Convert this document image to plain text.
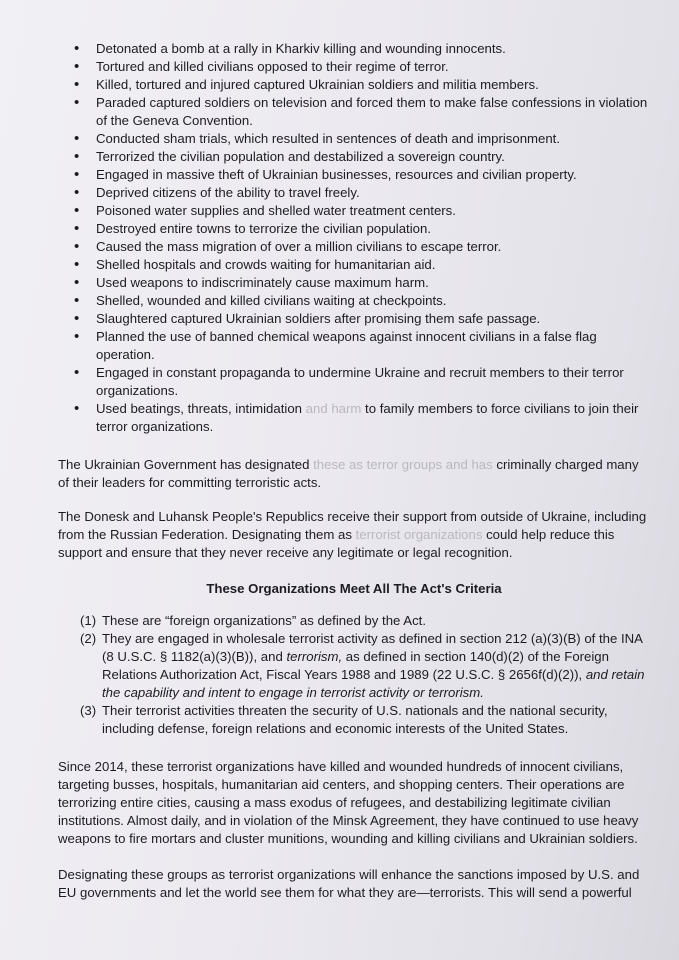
• Detonated a bomb at a rally in Kharkiv killing and wounding innocents.
• Tortured and killed civilians opposed to their regime of terror.
• Killed, tortured and injured captured Ukrainian soldiers and militia members.
• Paraded captured soldiers on television and forced them to make false confessions in violation of the Geneva Convention.
• Conducted sham trials, which resulted in sentences of death and imprisonment.
• Terrorized the civilian population and destabilized a sovereign country.
• Engaged in massive theft of Ukrainian businesses, resources and civilian property.
• Deprived citizens of the ability to travel freely.
• Poisoned water supplies and shelled water treatment centers.
• Destroyed entire towns to terrorize the civilian population.
• Caused the mass migration of over a million civilians to escape terror.
• Shelled hospitals and crowds waiting for humanitarian aid.
• Used weapons to indiscriminately cause maximum harm.
• Shelled, wounded and killed civilians waiting at checkpoints.
• Slaughtered captured Ukrainian soldiers after promising them safe passage.
• Planned the use of banned chemical weapons against innocent civilians in a false flag operation.
• Engaged in constant propaganda to undermine Ukraine and recruit members to their terror organizations.
• Used beatings, threats, intimidation and harm to family members to force civilians to join their terror organizations.

The Ukrainian Government has designated these as terror groups and has criminally charged many of their leaders for committing terroristic acts.

The Donesk and Luhansk People's Republics receive their support from outside of Ukraine, including from the Russian Federation. Designating them as terrorist organizations could help reduce this support and ensure that they never receive any legitimate or legal recognition.

These Organizations Meet All The Act's Criteria
(1) These are “foreign organizations” as defined by the Act.
(2) They are engaged in wholesale terrorist activity as defined in section 212 (a)(3)(B) of the INA (8 U.S.C. § 1182(a)(3)(B)), and terrorism, as defined in section 140(d)(2) of the Foreign Relations Authorization Act, Fiscal Years 1988 and 1989 (22 U.S.C. § 2656f(d)(2)), and retain the capability and intent to engage in terrorist activity or terrorism.
(3) Their terrorist activities threaten the security of U.S. nationals and the national security, including defense, foreign relations and economic interests of the United States.

Since 2014, these terrorist organizations have killed and wounded hundreds of innocent civilians, targeting busses, hospitals, humanitarian aid centers, and shopping centers. Their operations are terrorizing entire cities, causing a mass exodus of refugees, and destabilizing legitimate civilian institutions. Almost daily, and in violation of the Minsk Agreement, they have continued to use heavy weapons to fire mortars and cluster munitions, wounding and killing civilians and Ukrainian soldiers.

Designating these groups as terrorist organizations will enhance the sanctions imposed by U.S. and EU governments and let the world see them for what they are—terrorists. This will send a powerful
